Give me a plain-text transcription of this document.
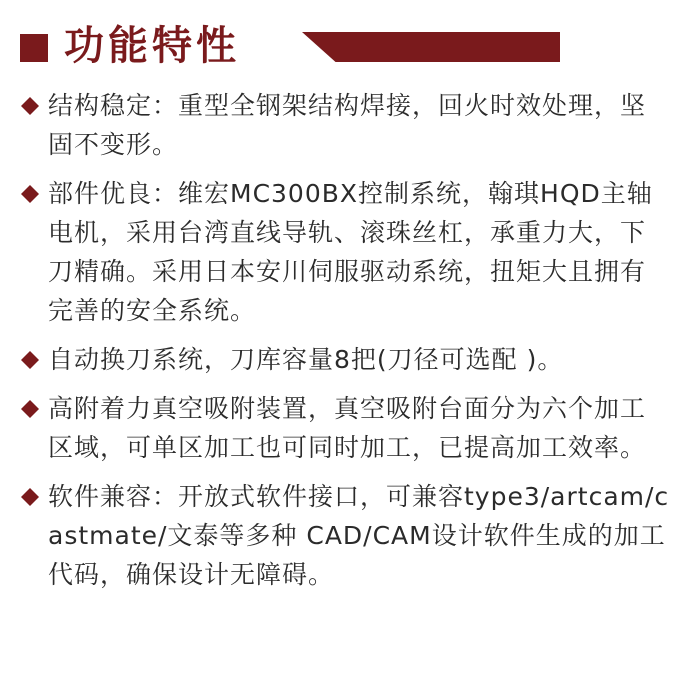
功能特性
结构稳定：重型全钢架结构焊接，回火时效处理，坚固不变形。
部件优良：维宏MC300BX控制系统，翰琪HQD主轴电机，采用台湾直线导轨、滚珠丝杠，承重力大，下刀精确。采用日本安川伺服驱动系统，扭矩大且拥有完善的安全系统。
自动换刀系统，刀库容量8把(刀径可选配 )。
高附着力真空吸附装置，真空吸附台面分为六个加工区域，可单区加工也可同时加工，已提高加工效率。
软件兼容：开放式软件接口，可兼容type3/artcam/castmate/文泰等多种 CAD/CAM设计软件生成的加工代码，确保设计无障碍。
